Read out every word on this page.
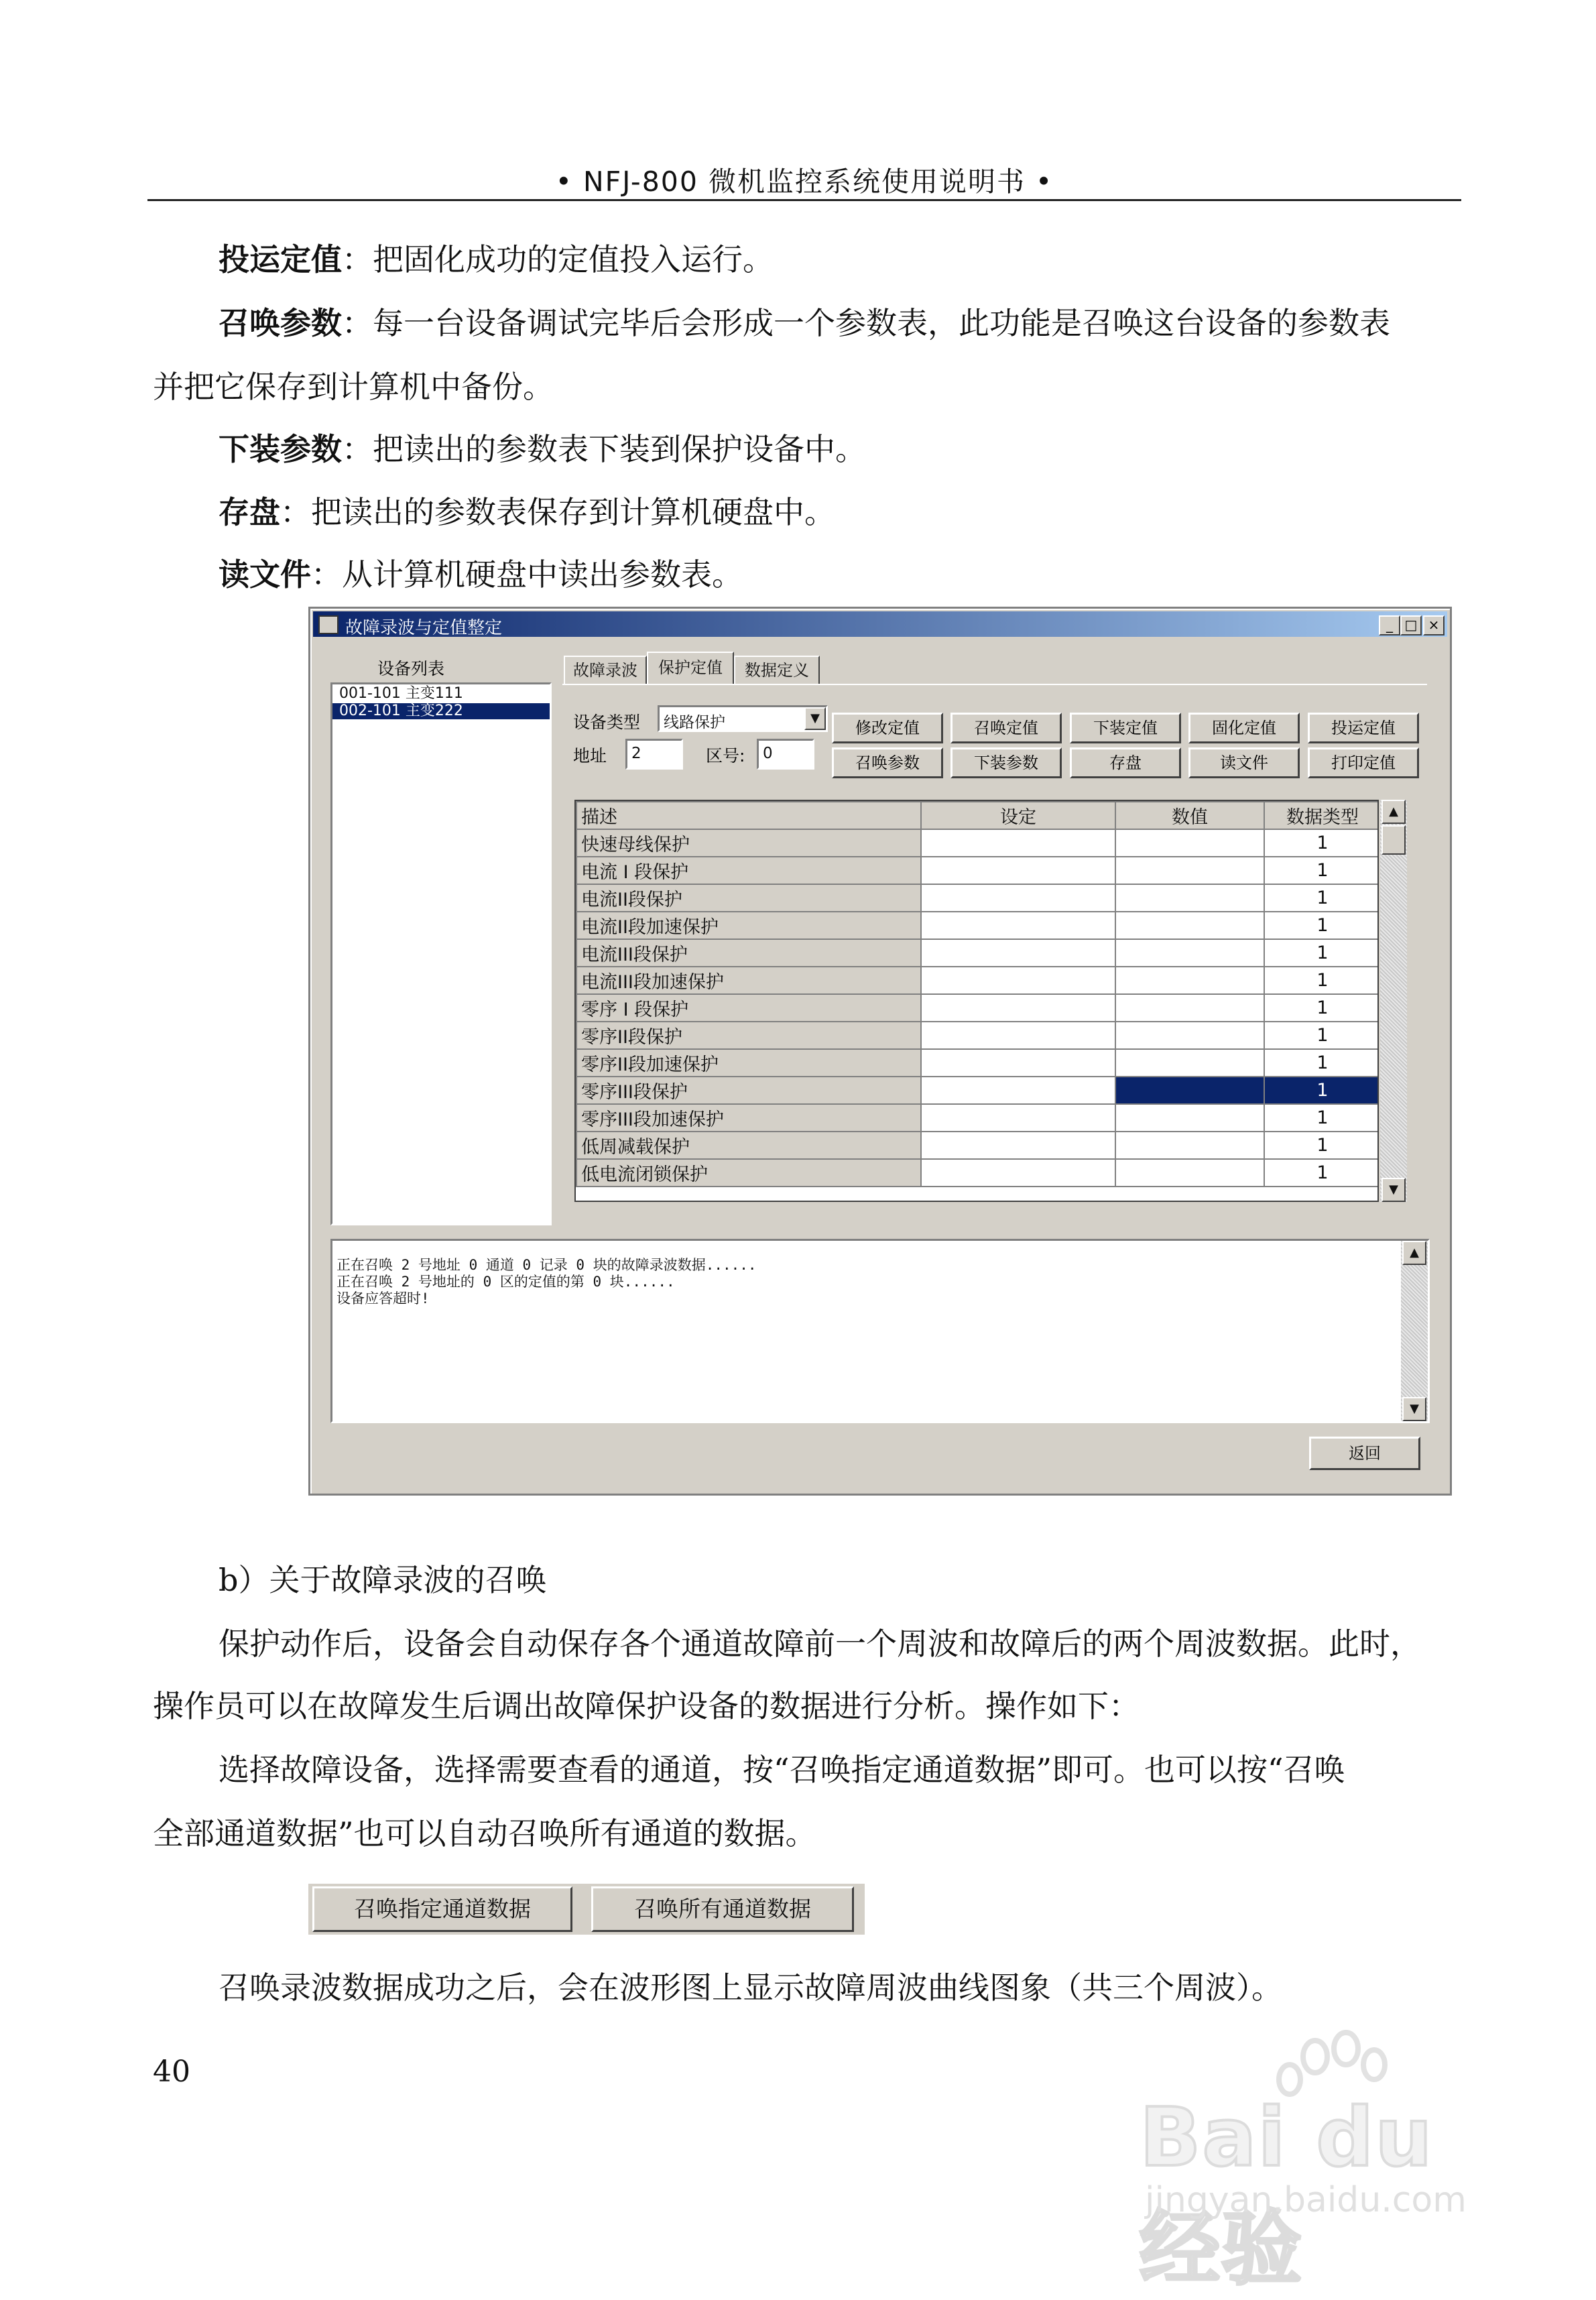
• NFJ-800 微机监控系统使用说明书 •
投运定值：把固化成功的定值投入运行。
召唤参数：每一台设备调试完毕后会形成一个参数表，此功能是召唤这台设备的参数表
并把它保存到计算机中备份。
下装参数：把读出的参数表下装到保护设备中。
存盘：把读出的参数表保存到计算机硬盘中。
读文件：从计算机硬盘中读出参数表。
故障录波与定值整定	_ □ ×
设备列表
001-101 主变111
002-101 主变222
故障录波	保护定值	数据定义
设备类型 线路保护	▼
地址	2	区号:	0
修改定值	召唤定值	下装定值	固化定值	投运定值
召唤参数	下装参数	存盘	读文件	打印定值
描述	设定	数值	数据类型
快速母线保护			1
电流 I 段保护			1
电流II段保护			1
电流II段加速保护			1
电流III段保护			1
电流III段加速保护			1
零序 I 段保护			1
零序II段保护			1
零序II段加速保护			1
零序III段保护			1
零序III段加速保护			1
低周减载保护			1
低电流闭锁保护			1
▲
▼
正在召唤 2 号地址 0 通道 0 记录 0 块的故障录波数据......
正在召唤 2 号地址的 0 区的定值的第 0 块......
设备应答超时!
▲
▼
返回
b）关于故障录波的召唤
保护动作后，设备会自动保存各个通道故障前一个周波和故障后的两个周波数据。此时，
操作员可以在故障发生后调出故障保护设备的数据进行分析。操作如下：
选择故障设备，选择需要查看的通道，按“召唤指定通道数据”即可。也可以按“召唤
全部通道数据”也可以自动召唤所有通道的数据。
召唤指定通道数据	召唤所有通道数据
召唤录波数据成功之后，会在波形图上显示故障周波曲线图象（共三个周波）。
40
Bai du 经验
jingyan.baidu.com
